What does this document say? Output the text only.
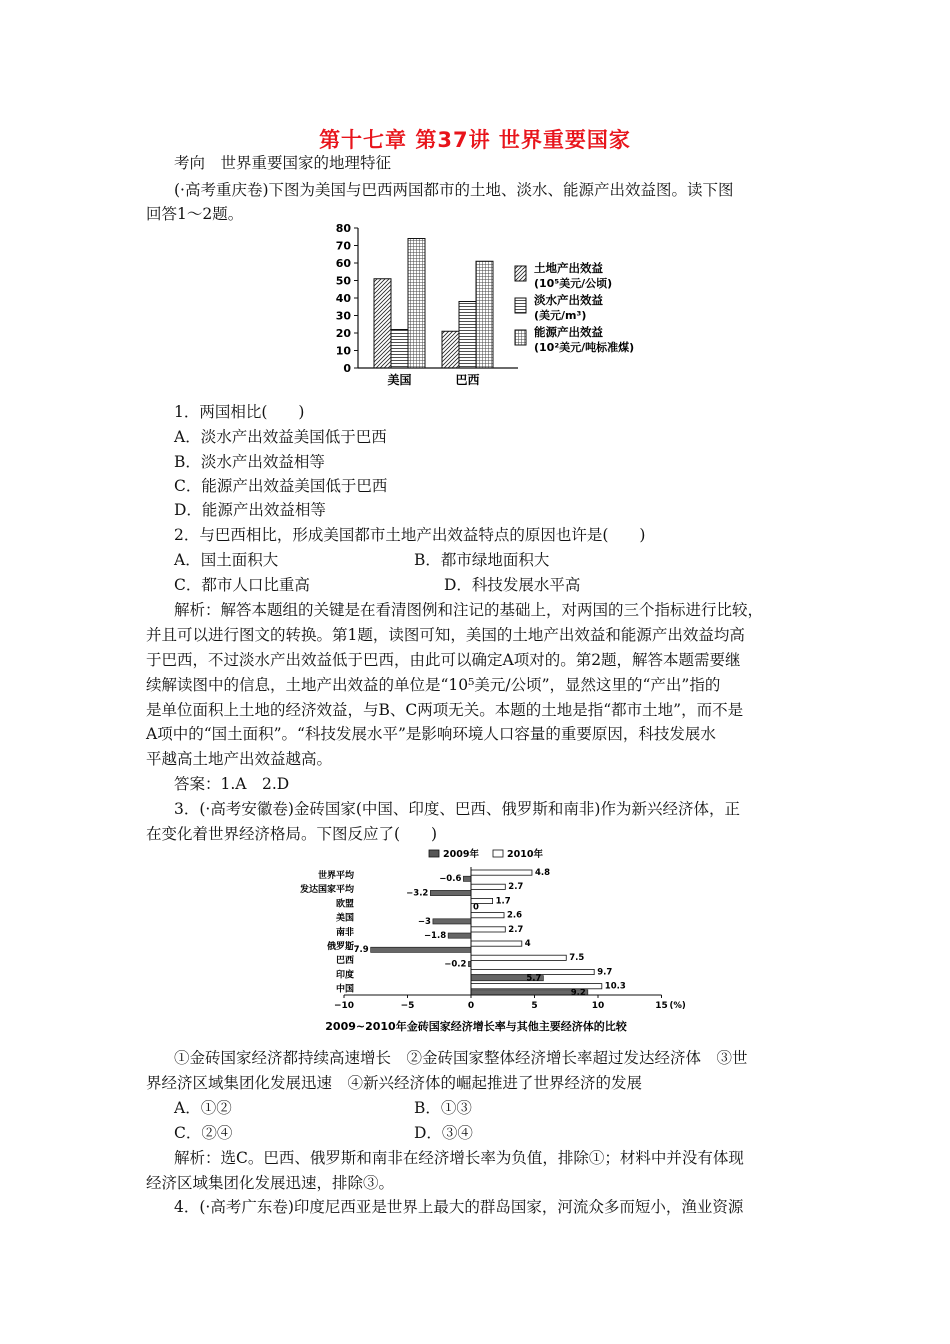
第十七章 第37讲 世界重要国家
考向　世界重要国家的地理特征
(·高考重庆卷)下图为美国与巴西两国都市的土地、淡水、能源产出效益图。读下图
回答1～2题。
0
10
20
30
40
50
60
70
80
美国	巴西
土地产出效益
(10⁵美元/公顷)
淡水产出效益
(美元/m³)
能源产出效益
(10²美元/吨标准煤)
1．两国相比(　　)
A．淡水产出效益美国低于巴西
B．淡水产出效益相等
C．能源产出效益美国低于巴西
D．能源产出效益相等
2．与巴西相比，形成美国都市土地产出效益特点的原因也许是(　　)
A．国土面积大	B．都市绿地面积大
C．都市人口比重高	D．科技发展水平高
解析：解答本题组的关键是在看清图例和注记的基础上，对两国的三个指标进行比较，
并且可以进行图文的转换。第1题，读图可知，美国的土地产出效益和能源产出效益均高
于巴西，不过淡水产出效益低于巴西，由此可以确定A项对的。第2题，解答本题需要继
续解读图中的信息，土地产出效益的单位是“10⁵美元/公顷”，显然这里的“产出”指的
是单位面积上土地的经济效益，与B、C两项无关。本题的土地是指“都市土地”，而不是
A项中的“国土面积”。“科技发展水平”是影响环境人口容量的重要原因，科技发展水
平越高土地产出效益越高。
答案：1.A　2.D
3．(·高考安徽卷)金砖国家(中国、印度、巴西、俄罗斯和南非)作为新兴经济体，正
在变化着世界经济格局。下图反应了(　　)
2009年	2010年
世界平均	4.8
−0.6
发达国家平均	2.7
−3.2
欧盟	1.7
0
美国	2.6
−3
南非	2.7
−1.8
俄罗斯	4
−7.9
巴西	7.5
−0.2
印度	9.7
5.7
中国	10.3
9.2
−10	−5	0	5	10	15 (%)
2009~2010年金砖国家经济增长率与其他主要经济体的比较
①金砖国家经济都持续高速增长　②金砖国家整体经济增长率超过发达经济体　③世
界经济区域集团化发展迅速　④新兴经济体的崛起推进了世界经济的发展
A．①②	B．①③
C．②④	D．③④
解析：选C。巴西、俄罗斯和南非在经济增长率为负值，排除①；材料中并没有体现
经济区域集团化发展迅速，排除③。
4．(·高考广东卷)印度尼西亚是世界上最大的群岛国家，河流众多而短小，渔业资源
